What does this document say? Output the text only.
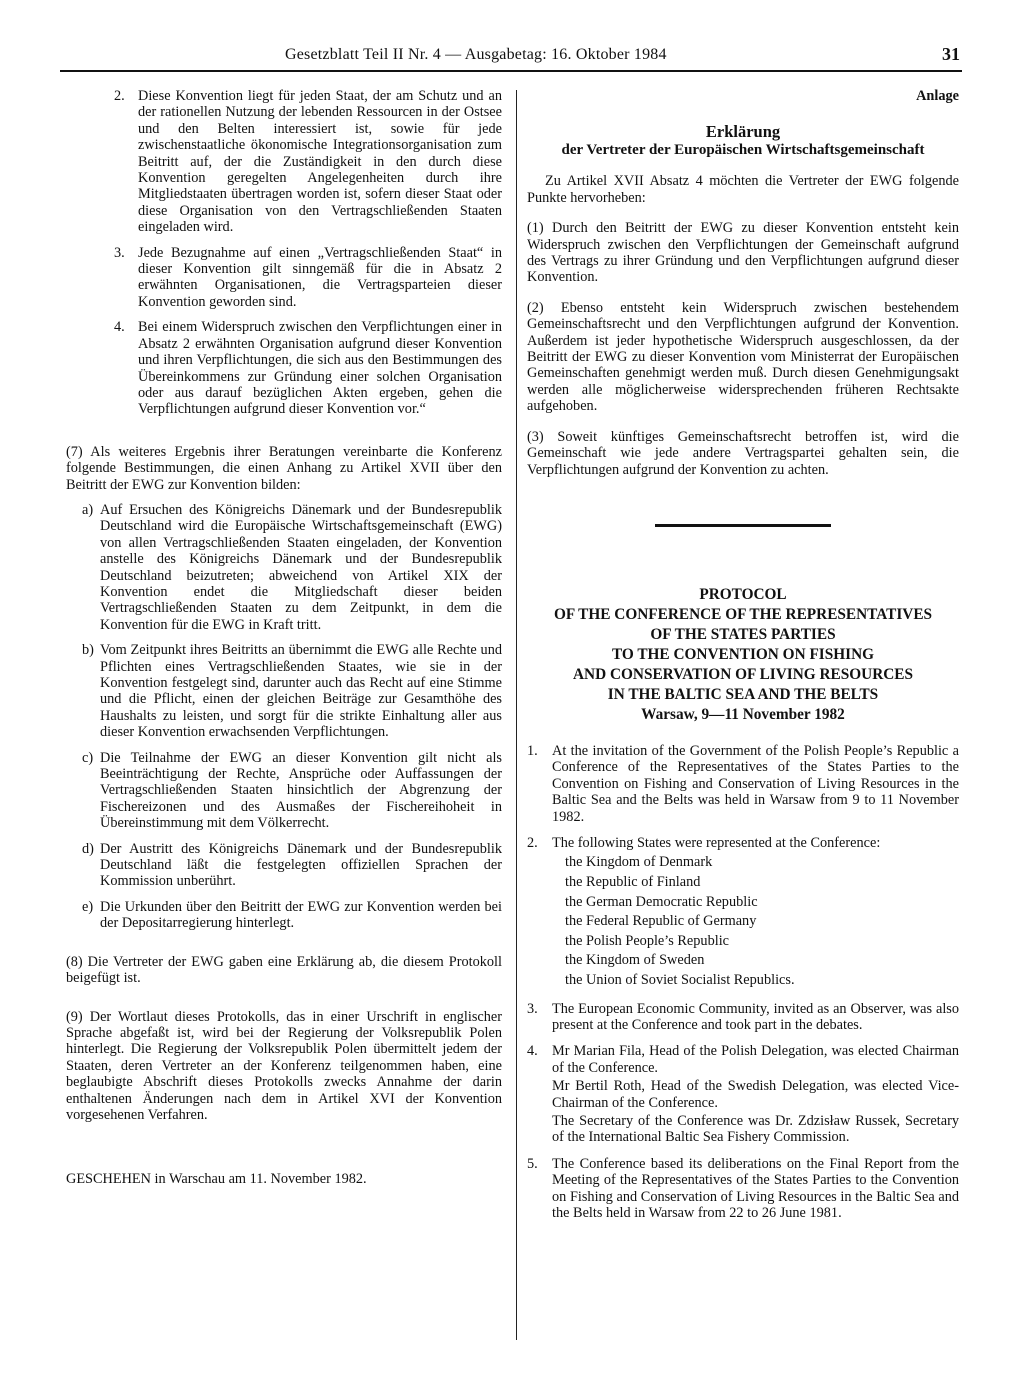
Gesetzblatt Teil II Nr. 4 — Ausgabetag: 16. Oktober 1984	31
2. Diese Konvention liegt für jeden Staat, der am Schutz und an der rationellen Nutzung der lebenden Ressourcen in der Ostsee und den Belten interessiert ist, sowie für jede zwischenstaatliche ökonomische Integrationsorganisation zum Beitritt auf, der die Zuständigkeit in den durch diese Konvention geregelten Angelegenheiten durch ihre Mitgliedstaaten übertragen worden ist, sofern dieser Staat oder diese Organisation von den Vertragschließenden Staaten eingeladen wird.

3. Jede Bezugnahme auf einen „Vertragschließenden Staat“ in dieser Konvention gilt sinngemäß für die in Absatz 2 erwähnten Organisationen, die Vertragsparteien dieser Konvention geworden sind.

4. Bei einem Widerspruch zwischen den Verpflichtungen einer in Absatz 2 erwähnten Organisation aufgrund dieser Konvention und ihren Verpflichtungen, die sich aus den Bestimmungen des Übereinkommens zur Gründung einer solchen Organisation oder aus darauf bezüglichen Akten ergeben, gehen die Verpflichtungen aufgrund dieser Konvention vor.“

(7) Als weiteres Ergebnis ihrer Beratungen vereinbarte die Konferenz folgende Bestimmungen, die einen Anhang zu Artikel XVII über den Beitritt der EWG zur Konvention bilden:

a) Auf Ersuchen des Königreichs Dänemark und der Bundesrepublik Deutschland wird die Europäische Wirtschaftsgemeinschaft (EWG) von allen Vertragschließenden Staaten eingeladen, der Konvention anstelle des Königreichs Dänemark und der Bundesrepublik Deutschland beizutreten; abweichend von Artikel XIX der Konvention endet die Mitgliedschaft dieser beiden Vertragschließenden Staaten zu dem Zeitpunkt, in dem die Konvention für die EWG in Kraft tritt.

b) Vom Zeitpunkt ihres Beitritts an übernimmt die EWG alle Rechte und Pflichten eines Vertragschließenden Staates, wie sie in der Konvention festgelegt sind, darunter auch das Recht auf eine Stimme und die Pflicht, einen der gleichen Beiträge zur Gesamthöhe des Haushalts zu leisten, und sorgt für die strikte Einhaltung aller aus dieser Konvention erwachsenden Verpflichtungen.

c) Die Teilnahme der EWG an dieser Konvention gilt nicht als Beeinträchtigung der Rechte, Ansprüche oder Auffassungen der Vertragschließenden Staaten hinsichtlich der Abgrenzung der Fischereizonen und des Ausmaßes der Fischereihoheit in Übereinstimmung mit dem Völkerrecht.

d) Der Austritt des Königreichs Dänemark und der Bundesrepublik Deutschland läßt die festgelegten offiziellen Sprachen der Kommission unberührt.

e) Die Urkunden über den Beitritt der EWG zur Konvention werden bei der Depositarregierung hinterlegt.

(8) Die Vertreter der EWG gaben eine Erklärung ab, die diesem Protokoll beigefügt ist.

(9) Der Wortlaut dieses Protokolls, das in einer Urschrift in englischer Sprache abgefaßt ist, wird bei der Regierung der Volksrepublik Polen hinterlegt. Die Regierung der Volksrepublik Polen übermittelt jedem der Staaten, deren Vertreter an der Konferenz teilgenommen haben, eine beglaubigte Abschrift dieses Protokolls zwecks Annahme der darin enthaltenen Änderungen nach dem in Artikel XVI der Konvention vorgesehenen Verfahren.

GESCHEHEN in Warschau am 11. November 1982.

Anlage

Erklärung

der Vertreter der Europäischen Wirtschaftsgemeinschaft

Zu Artikel XVII Absatz 4 möchten die Vertreter der EWG folgende Punkte hervorheben:

(1) Durch den Beitritt der EWG zu dieser Konvention entsteht kein Widerspruch zwischen den Verpflichtungen der Gemeinschaft aufgrund des Vertrags zu ihrer Gründung und den Verpflichtungen aufgrund dieser Konvention.

(2) Ebenso entsteht kein Widerspruch zwischen bestehendem Gemeinschaftsrecht und den Verpflichtungen aufgrund der Konvention. Außerdem ist jeder hypothetische Widerspruch ausgeschlossen, da der Beitritt der EWG zu dieser Konvention vom Ministerrat der Europäischen Gemeinschaften genehmigt werden muß. Durch diesen Genehmigungsakt werden alle möglicherweise widersprechenden früheren Rechtsakte aufgehoben.

(3) Soweit künftiges Gemeinschaftsrecht betroffen ist, wird die Gemeinschaft wie jede andere Vertragspartei gehalten sein, die Verpflichtungen aufgrund der Konvention zu achten.

PROTOCOL

OF THE CONFERENCE OF THE REPRESENTATIVES

OF THE STATES PARTIES

TO THE CONVENTION ON FISHING

AND CONSERVATION OF LIVING RESOURCES

IN THE BALTIC SEA AND THE BELTS

Warsaw, 9—11 November 1982

1. At the invitation of the Government of the Polish People’s Republic a Conference of the Representatives of the States Parties to the Convention on Fishing and Conservation of Living Resources in the Baltic Sea and the Belts was held in Warsaw from 9 to 11 November 1982.

2. The following States were represented at the Conference:

the Kingdom of Denmark
the Republic of Finland
the German Democratic Republic
the Federal Republic of Germany
the Polish People’s Republic
the Kingdom of Sweden
the Union of Soviet Socialist Republics.
3. The European Economic Community, invited as an Observer, was also present at the Conference and took part in the debates.

4. Mr Marian Fila, Head of the Polish Delegation, was elected Chairman of the Conference.

Mr Bertil Roth, Head of the Swedish Delegation, was elected Vice-Chairman of the Conference.

The Secretary of the Conference was Dr. Zdzisław Russek, Secretary of the International Baltic Sea Fishery Commission.

5. The Conference based its deliberations on the Final Report from the Meeting of the Representatives of the States Parties to the Convention on Fishing and Conservation of Living Resources in the Baltic Sea and the Belts held in Warsaw from 22 to 26 June 1981.
